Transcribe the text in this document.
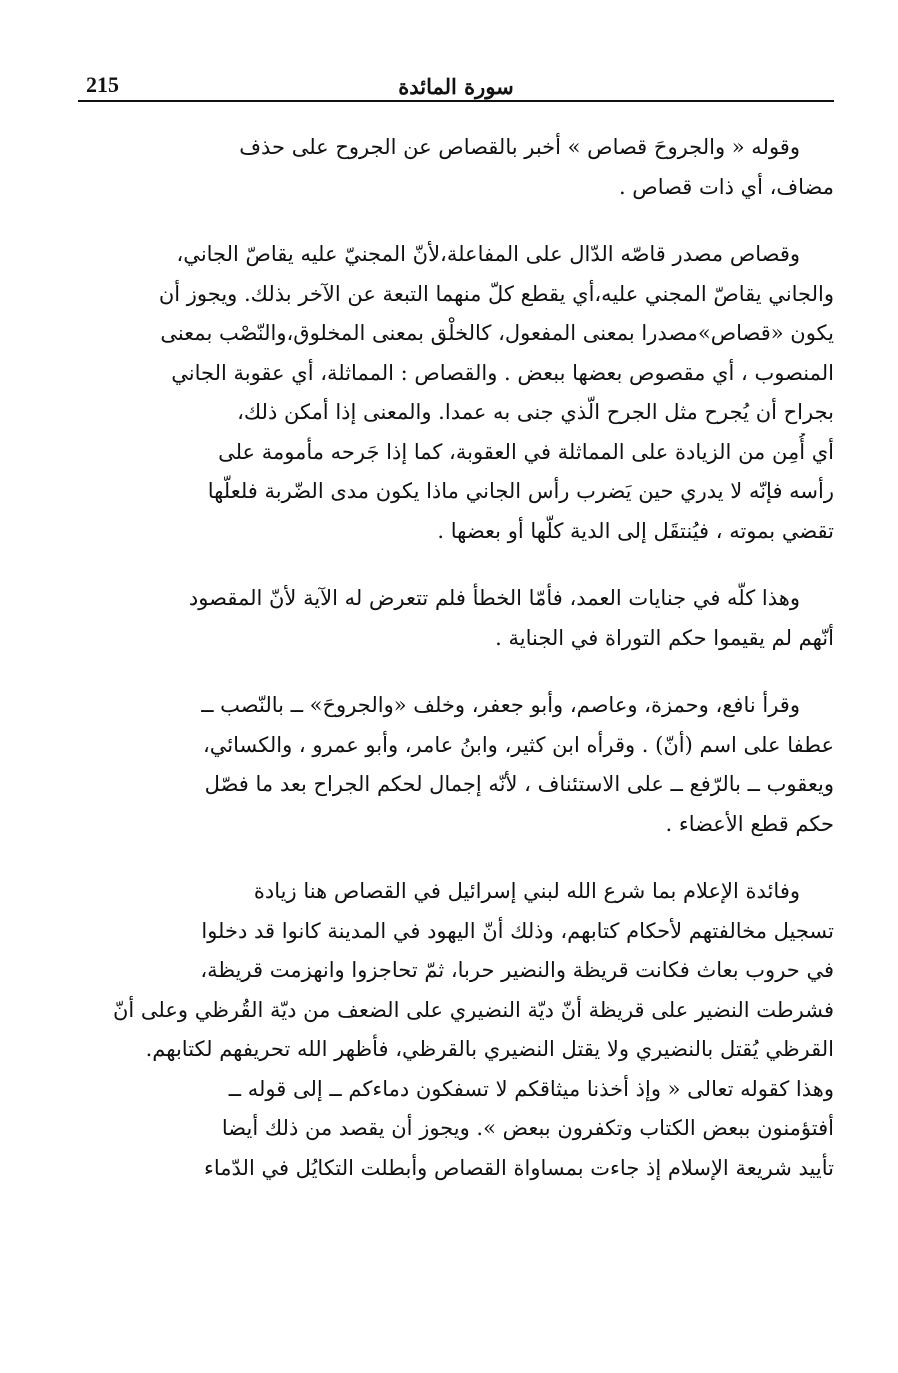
215	سورة المائدة

وقوله « والجروحَ قصاص » أخبر بالقصاص عن الجروح على حذف
مضاف، أي ذات قصاص .

وقصاص مصدر قاصّه الدّال على المفاعلة،لأنّ المجنيّ عليه يقاصّ الجاني،
والجاني يقاصّ المجني عليه،أي يقطع كلّ منهما التبعة عن الآخر بذلك. ويجوز أن
يكون «قصاص»مصدرا بمعنى المفعول، كالخلْق بمعنى المخلوق،والنّصْب بمعنى
المنصوب ، أي مقصوص بعضها ببعض . والقصاص : المماثلة، أي عقوبة الجاني
بجراح أن يُجرح مثل الجرح الّذي جنى به عمدا. والمعنى إذا أمكن ذلك،
أي أُمِن من الزيادة على المماثلة في العقوبة، كما إذا جَرحه مأمومة على
رأسه فإنّه لا يدري حين يَضرب رأس الجاني ماذا يكون مدى الضّربة فلعلّها
تقضي بموته ، فيُنتقَل إلى الدية كلّها أو بعضها .

وهذا كلّه في جنايات العمد، فأمّا الخطأ فلم تتعرض له الآية لأنّ المقصود
أنّهم لم يقيموا حكم التوراة في الجناية .

وقرأ نافع، وحمزة، وعاصم، وأبو جعفر، وخلف «والجروحَ» ــ بالنّصب ــ
عطفا على اسم (أنّ) . وقرأه ابن كثير، وابنُ عامر، وأبو عمرو ، والكسائي،
ويعقوب ــ بالرّفع ــ على الاستئناف ، لأنّه إجمال لحكم الجراح بعد ما فصّل
حكم قطع الأعضاء .

وفائدة الإعلام بما شرع الله لبني إسرائيل في القصاص هنا زيادة
تسجيل مخالفتهم لأحكام كتابهم، وذلك أنّ اليهود في المدينة كانوا قد دخلوا
في حروب بعاث فكانت قريظة والنضير حربا، ثمّ تحاجزوا وانهزمت قريظة،
فشرطت النضير على قريظة أنّ ديّة النضيري على الضعف من ديّة القُرظي وعلى أنّ
القرظي يُقتل بالنضيري ولا يقتل النضيري بالقرظي، فأظهر الله تحريفهم لكتابهم.
وهذا كقوله تعالى « وإذ أخذنا ميثاقكم لا تسفكون دماءكم ــ إلى قوله ــ
أفتؤمنون ببعض الكتاب وتكفرون ببعض ». ويجوز أن يقصد من ذلك أيضا
تأييد شريعة الإسلام إذ جاءت بمساواة القصاص وأبطلت التكايُل في الدّماء
